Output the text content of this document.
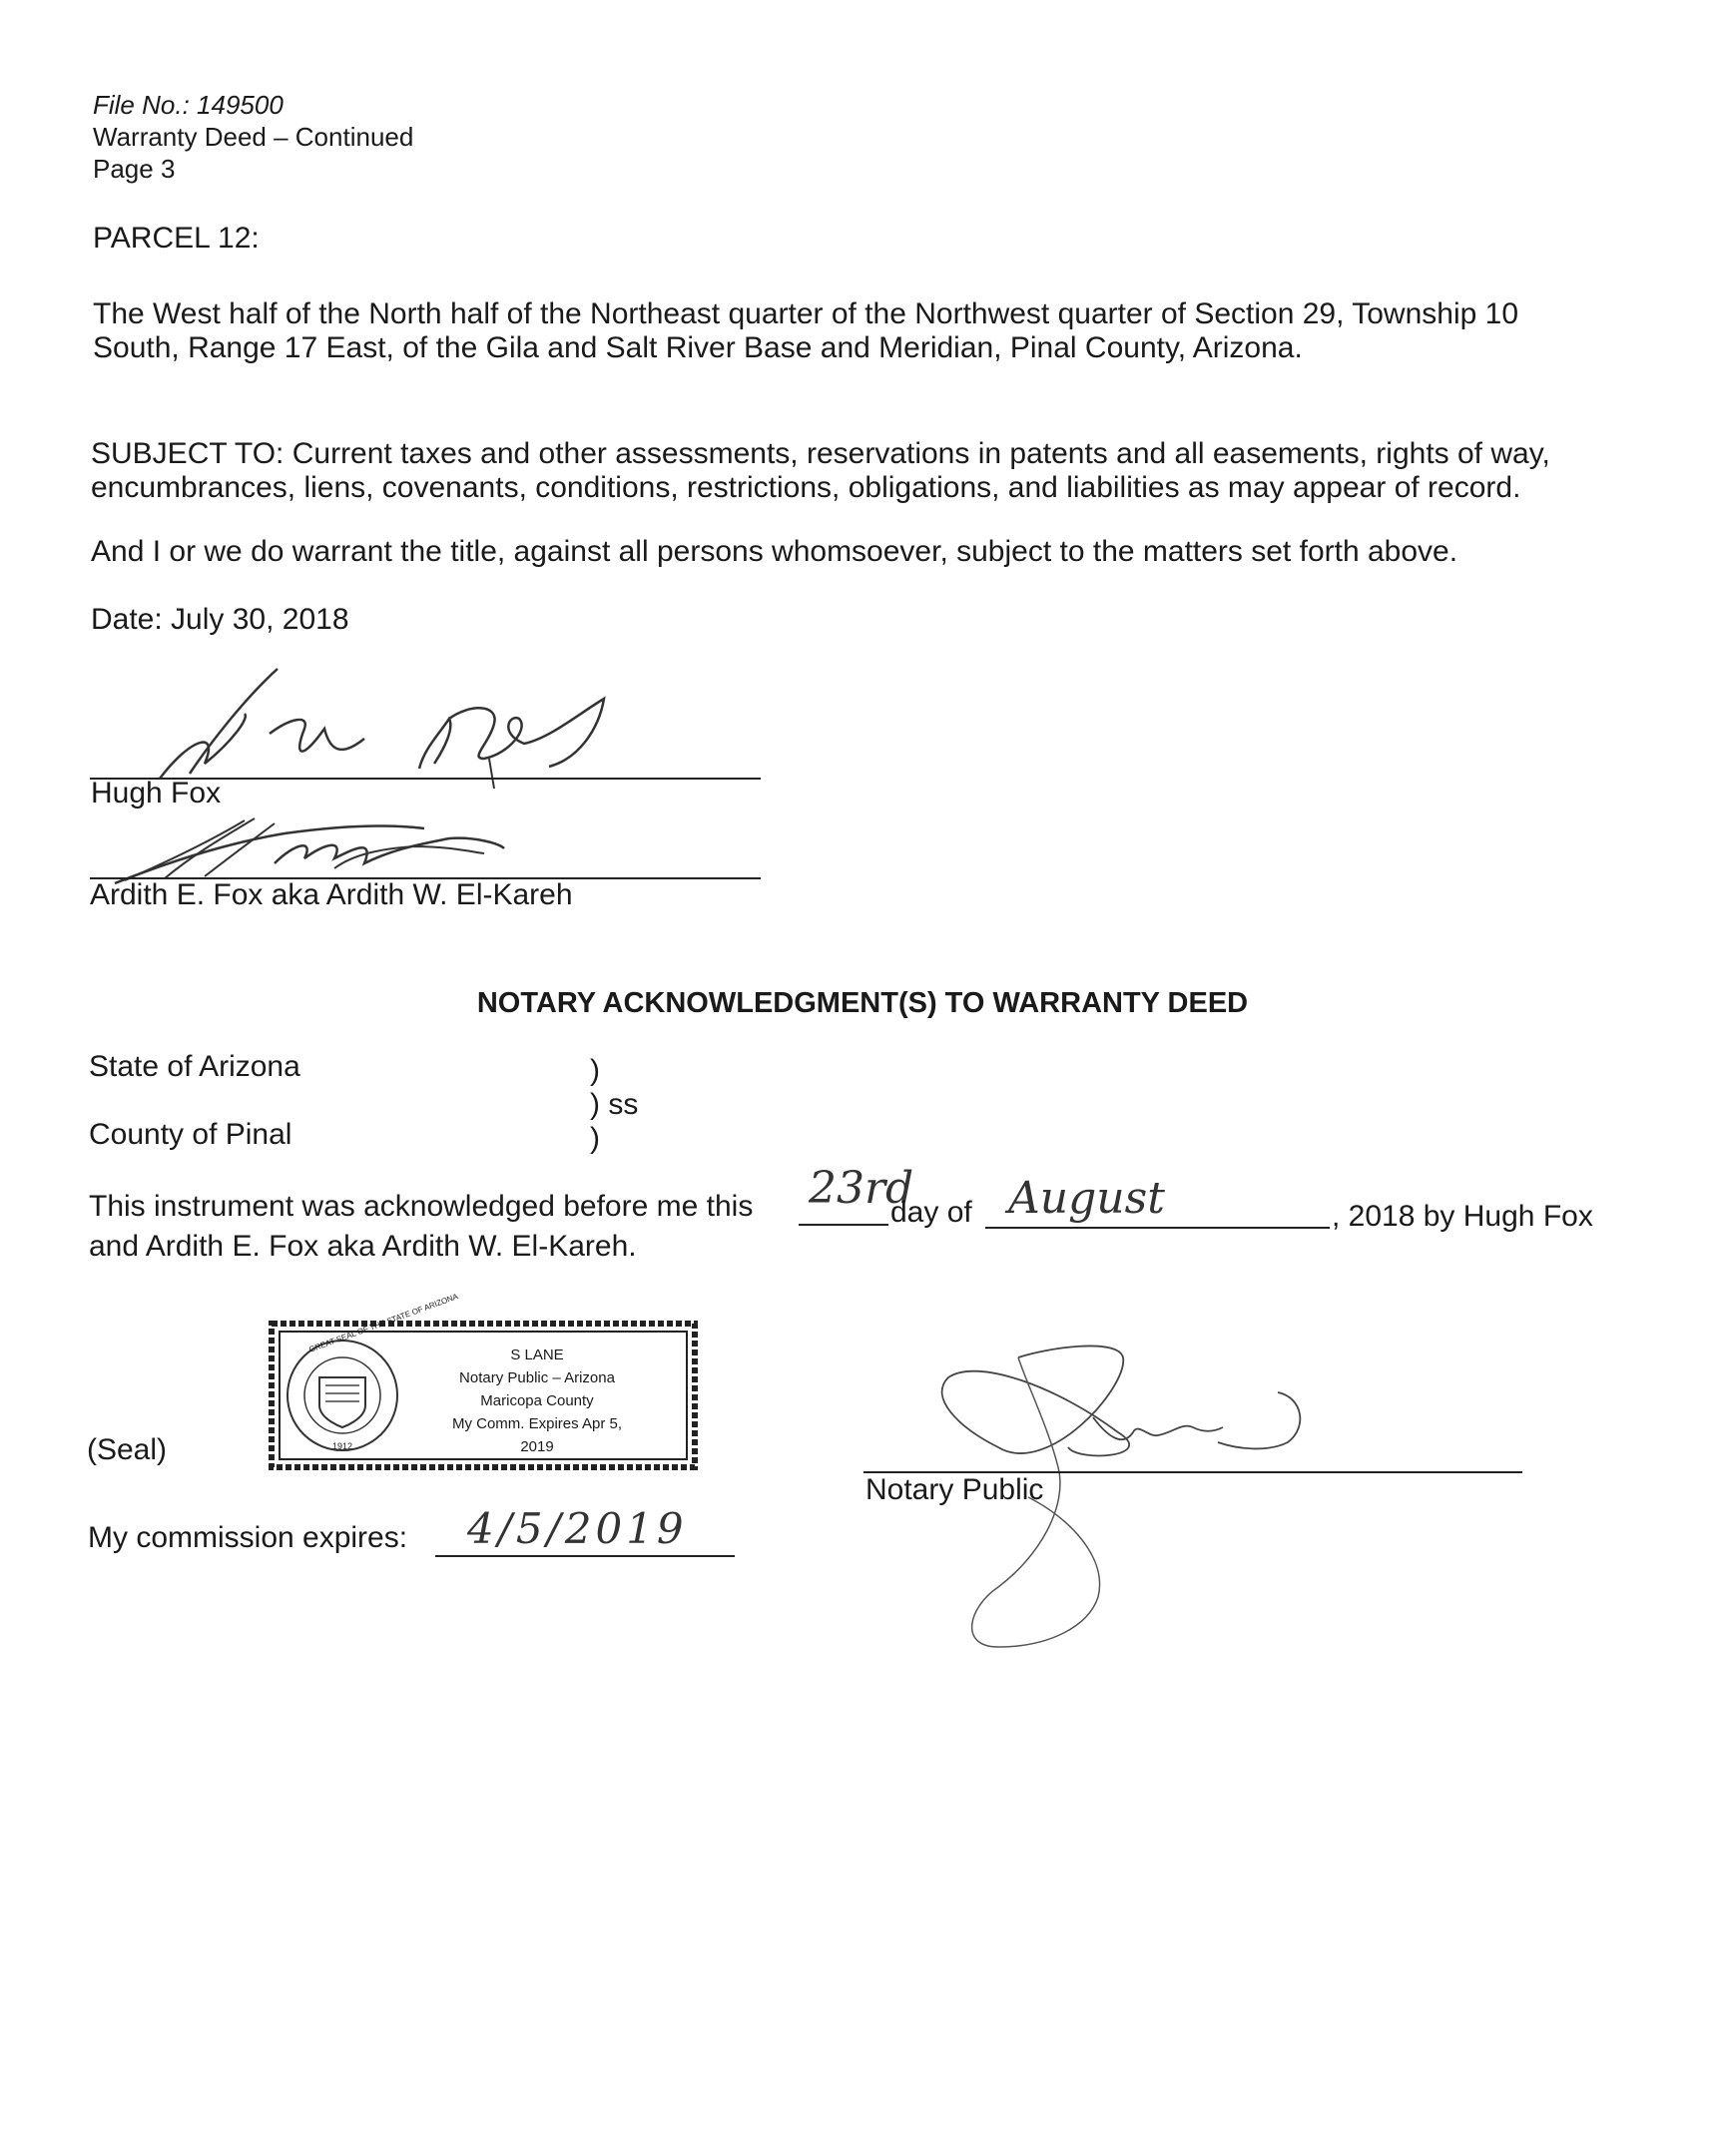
File No.: 149500
Warranty Deed – Continued
Page 3
PARCEL 12:
The West half of the North half of the Northeast quarter of the Northwest quarter of Section 29, Township 10
South, Range 17 East, of the Gila and Salt River Base and Meridian, Pinal County, Arizona.
SUBJECT TO: Current taxes and other assessments, reservations in patents and all easements, rights of way,
encumbrances, liens, covenants, conditions, restrictions, obligations, and liabilities as may appear of record.
And I or we do warrant the title, against all persons whomsoever, subject to the matters set forth above.
Date: July 30, 2018
Hugh Fox
Ardith E. Fox aka Ardith W. El-Kareh
NOTARY ACKNOWLEDGMENT(S) TO WARRANTY DEED
State of Arizona	)
) ss
)
County of Pinal
This instrument was acknowledged before me this 23rd
day of August	, 2018 by Hugh Fox
and Ardith E. Fox aka Ardith W. El-Kareh.
(Seal)
GREAT SEAL OF THE STATE OF ARIZONA
1912
S LANE
Notary Public – Arizona
Maricopa County
My Comm. Expires Apr 5, 2019
Notary Public
My commission expires: 4/5/2019
